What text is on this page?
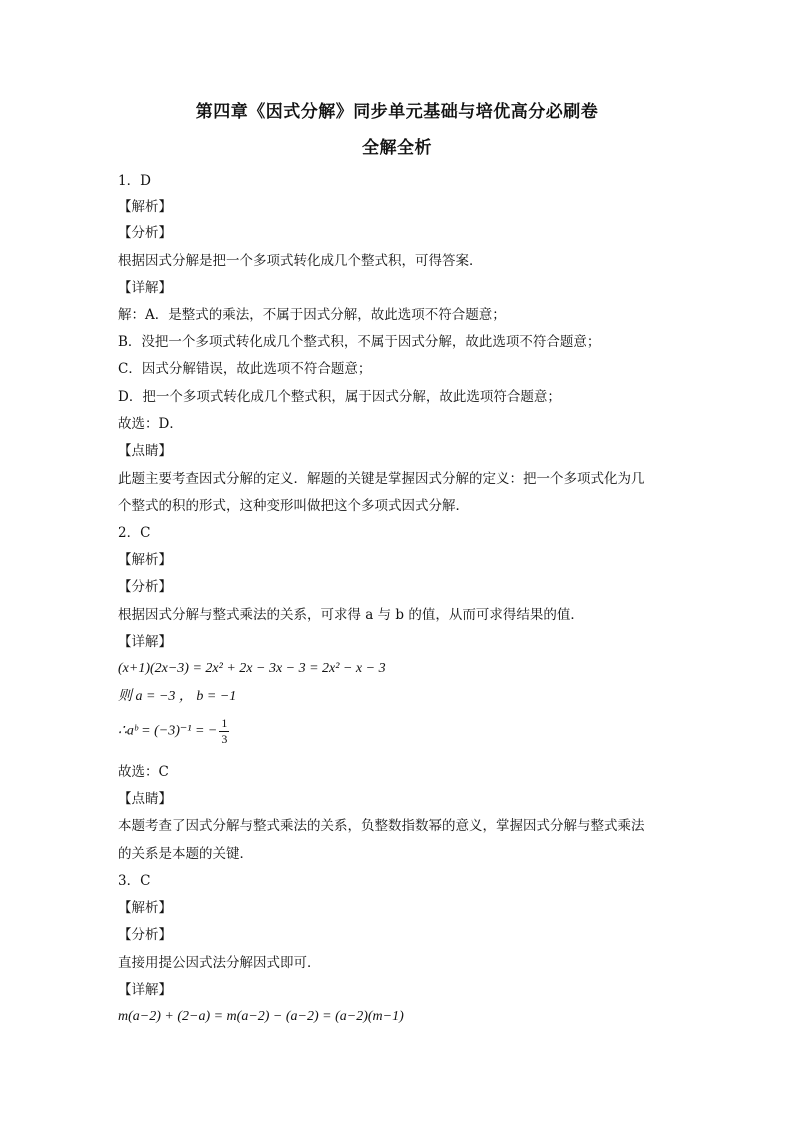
第四章《因式分解》同步单元基础与培优高分必刷卷
全解全析
1．D
【解析】
【分析】
根据因式分解是把一个多项式转化成几个整式积，可得答案．
【详解】
解：A．是整式的乘法，不属于因式分解，故此选项不符合题意；
B．没把一个多项式转化成几个整式积，不属于因式分解，故此选项不符合题意；
C．因式分解错误，故此选项不符合题意；
D．把一个多项式转化成几个整式积，属于因式分解，故此选项符合题意；
故选：D．
【点睛】
此题主要考查因式分解的定义．解题的关键是掌握因式分解的定义：把一个多项式化为几
个整式的积的形式，这种变形叫做把这个多项式因式分解．
2．C
【解析】
【分析】
根据因式分解与整式乘法的关系，可求得 a 与 b 的值，从而可求得结果的值．
【详解】
(x+1)(2x−3) = 2x² + 2x − 3x − 3 = 2x² − x − 3
则 a = −3 ， b = −1
∴aᵇ = (−3)⁻¹ = − $\frac{1}{3}$
故选：C
【点睛】
本题考查了因式分解与整式乘法的关系，负整数指数幂的意义，掌握因式分解与整式乘法
的关系是本题的关键．
3．C
【解析】
【分析】
直接用提公因式法分解因式即可．
【详解】
m(a−2) + (2−a) = m(a−2) − (a−2) = (a−2)(m−1)
